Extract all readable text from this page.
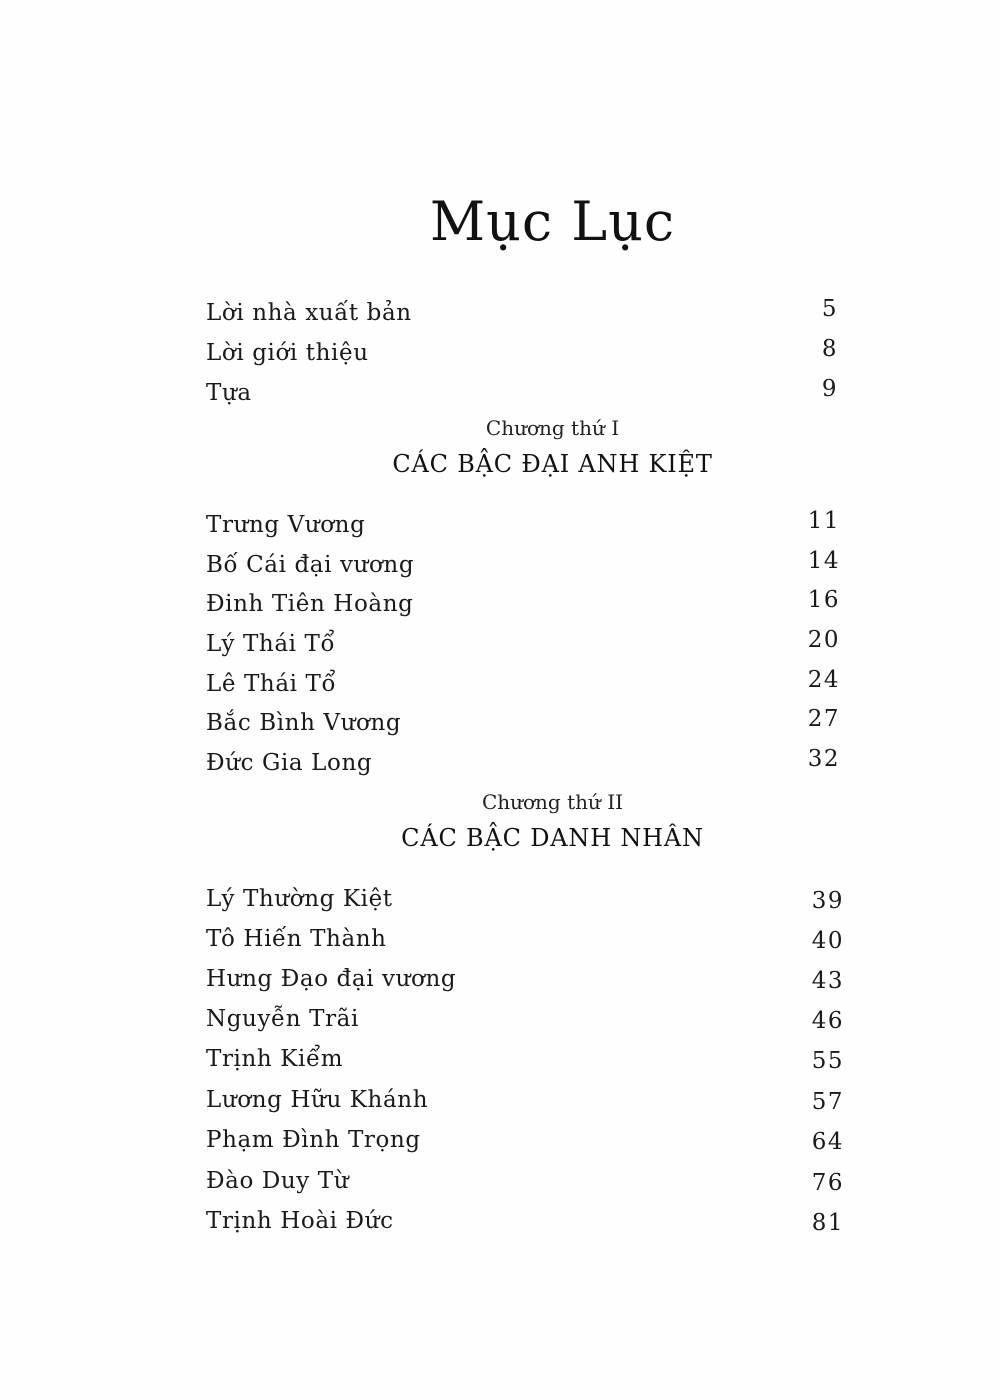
Mục Lục
Lời nhà xuất bản	5
Lời giới thiệu	8
Tựa	9
Chương thứ I
CÁC BẬC ĐẠI ANH KIỆT
Trưng Vương	11
Bố Cái đại vương	14
Đinh Tiên Hoàng	16
Lý Thái Tổ	20
Lê Thái Tổ	24
Bắc Bình Vương	27
Đức Gia Long	32
Chương thứ II
CÁC BẬC DANH NHÂN
Lý Thường Kiệt	39
Tô Hiến Thành	40
Hưng Đạo đại vương	43
Nguyễn Trãi	46
Trịnh Kiểm	55
Lương Hữu Khánh	57
Phạm Đình Trọng	64
Đào Duy Từ	76
Trịnh Hoài Đức	81
